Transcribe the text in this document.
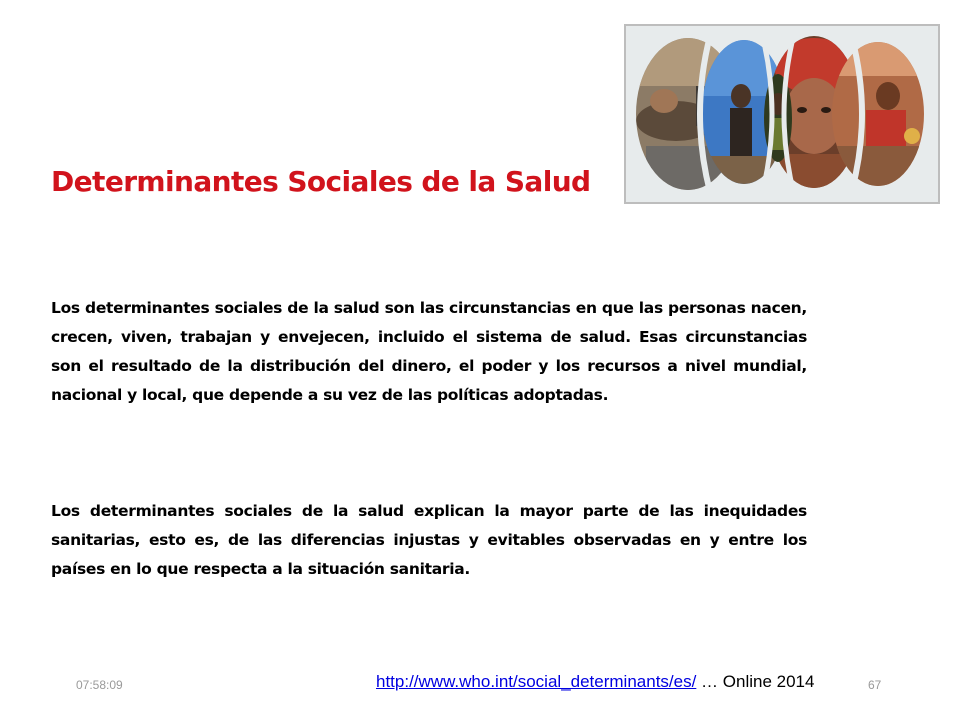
Determinantes Sociales de la Salud

Los determinantes sociales de la salud son las circunstancias en que las personas nacen, crecen, viven, trabajan y envejecen, incluido el sistema de salud. Esas circunstancias son el resultado de la distribución del dinero, el poder y los recursos a nivel mundial, nacional y local, que depende a su vez de las políticas adoptadas.

Los determinantes sociales de la salud explican la mayor parte de las inequidades sanitarias, esto es, de las diferencias injustas y evitables observadas en y entre los países en lo que respecta a la situación sanitaria.

07:58:09	67
http://www.who.int/social_determinants/es/ … Online 2014
